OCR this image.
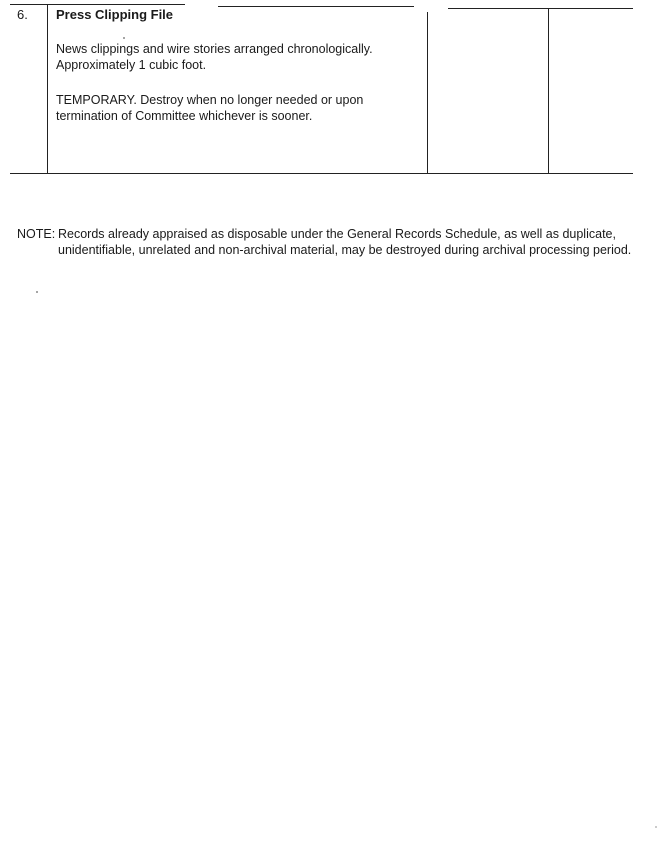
6. Press Clipping File

News clippings and wire stories arranged chronologically.

Approximately 1 cubic foot.

TEMPORARY. Destroy when no longer needed or upon termination of Committee whichever is sooner.

NOTE: Records already appraised as disposable under the General Records Schedule, as well as duplicate, unidentifiable, unrelated and non-archival material, may be destroyed during archival processing period.
